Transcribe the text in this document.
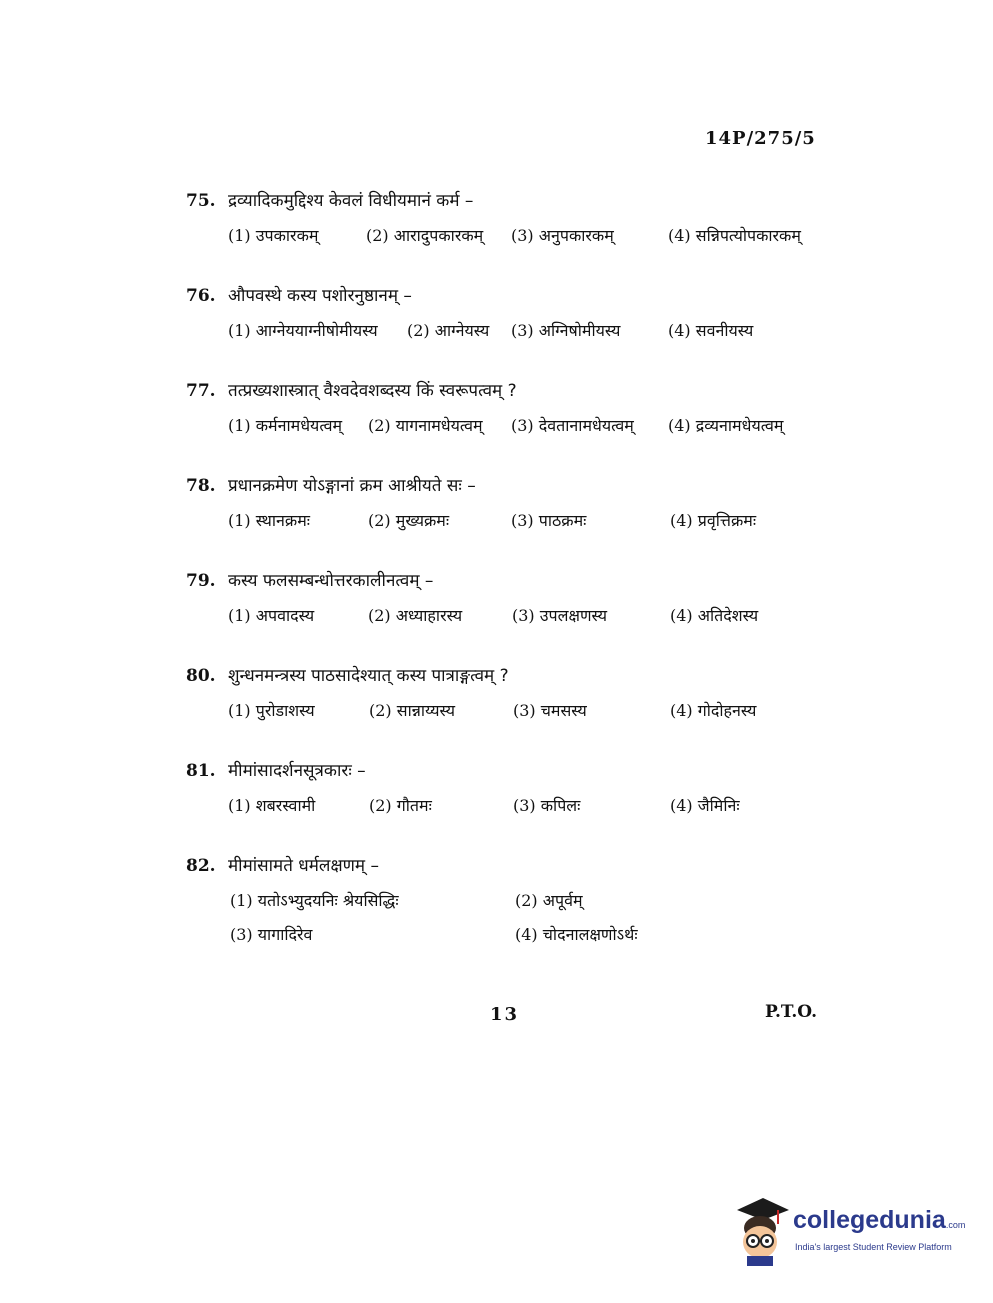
14P/275/5
75. द्रव्यादिकमुद्दिश्य केवलं विधीयमानं कर्म –
(1) उपकारकम्	(2) आरादुपकारकम् (3) अनुपकारकम्	(4) सन्निपत्योपकारकम्
76. औपवस्थे कस्य पशोरनुष्ठानम् –
(1) आग्नेययाग्नीषोमीयस्य (2) आग्नेयस्य (3) अग्निषोमीयस्य	(4) सवनीयस्य
77. तत्प्रख्यशास्त्रात् वैश्वदेवशब्दस्य किं स्वरूपत्वम् ?
(1) कर्मनामधेयत्वम् (2) यागनामधेयत्वम् (3) देवतानामधेयत्वम् (4) द्रव्यनामधेयत्वम्
78. प्रधानक्रमेण योऽङ्गानां क्रम आश्रीयते सः –
(1) स्थानक्रमः	(2) मुख्यक्रमः	(3) पाठक्रमः	(4) प्रवृत्तिक्रमः
79. कस्य फलसम्बन्धोत्तरकालीनत्वम् –
(1) अपवादस्य	(2) अध्याहारस्य	(3) उपलक्षणस्य	(4) अतिदेशस्य
80. शुन्धनमन्त्रस्य पाठसादेश्यात् कस्य पात्राङ्गत्वम् ?
(1) पुरोडाशस्य	(2) सान्नाय्यस्य	(3) चमसस्य	(4) गोदोहनस्य
81. मीमांसादर्शनसूत्रकारः –
(1) शबरस्वामी	(2) गौतमः	(3) कपिलः	(4) जैमिनिः
82. मीमांसामते धर्मलक्षणम् –
(1) यतोऽभ्युदयनिः श्रेयसिद्धिः	(2) अपूर्वम्
(3) यागादिरेव	(4) चोदनालक्षणोऽर्थः
13	P.T.O.
collegedunia.com
India's largest Student Review Platform
